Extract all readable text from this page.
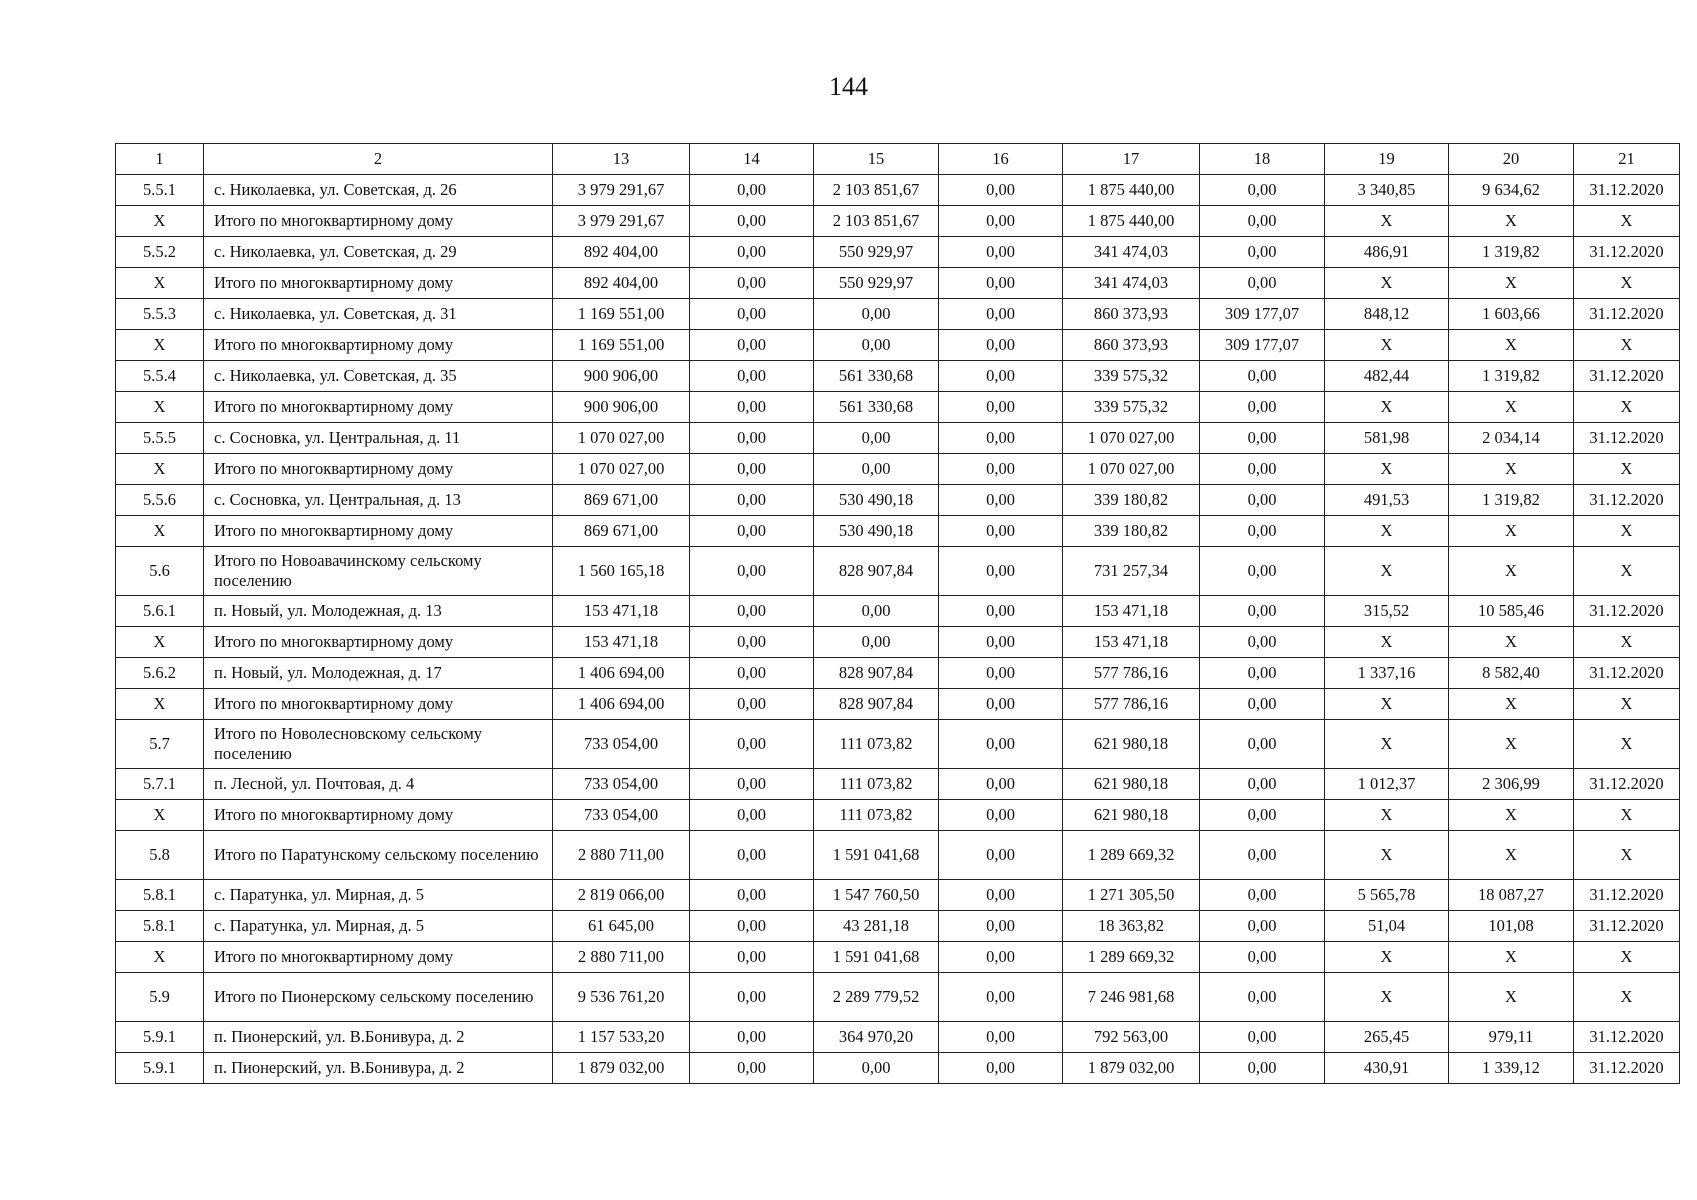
144
1	2	13	14	15	16	17	18	19	20	21
5.5.1	с. Николаевка, ул. Советская, д. 26	3 979 291,67	0,00	2 103 851,67	0,00	1 875 440,00	0,00	3 340,85	9 634,62	31.12.2020
Х	Итого по многоквартирному дому	3 979 291,67	0,00	2 103 851,67	0,00	1 875 440,00	0,00	Х	Х	Х
5.5.2	с. Николаевка, ул. Советская, д. 29	892 404,00	0,00	550 929,97	0,00	341 474,03	0,00	486,91	1 319,82	31.12.2020
Х	Итого по многоквартирному дому	892 404,00	0,00	550 929,97	0,00	341 474,03	0,00	Х	Х	Х
5.5.3	с. Николаевка, ул. Советская, д. 31	1 169 551,00	0,00	0,00	0,00	860 373,93	309 177,07	848,12	1 603,66	31.12.2020
Х	Итого по многоквартирному дому	1 169 551,00	0,00	0,00	0,00	860 373,93	309 177,07	Х	Х	Х
5.5.4	с. Николаевка, ул. Советская, д. 35	900 906,00	0,00	561 330,68	0,00	339 575,32	0,00	482,44	1 319,82	31.12.2020
Х	Итого по многоквартирному дому	900 906,00	0,00	561 330,68	0,00	339 575,32	0,00	Х	Х	Х
5.5.5	с. Сосновка, ул. Центральная, д. 11	1 070 027,00	0,00	0,00	0,00	1 070 027,00	0,00	581,98	2 034,14	31.12.2020
Х	Итого по многоквартирному дому	1 070 027,00	0,00	0,00	0,00	1 070 027,00	0,00	Х	Х	Х
5.5.6	с. Сосновка, ул. Центральная, д. 13	869 671,00	0,00	530 490,18	0,00	339 180,82	0,00	491,53	1 319,82	31.12.2020
Х	Итого по многоквартирному дому	869 671,00	0,00	530 490,18	0,00	339 180,82	0,00	Х	Х	Х
5.6	Итого по Новоавачинскому сельскому поселению	1 560 165,18	0,00	828 907,84	0,00	731 257,34	0,00	Х	Х	Х
5.6.1	п. Новый, ул. Молодежная, д. 13	153 471,18	0,00	0,00	0,00	153 471,18	0,00	315,52	10 585,46	31.12.2020
Х	Итого по многоквартирному дому	153 471,18	0,00	0,00	0,00	153 471,18	0,00	Х	Х	Х
5.6.2	п. Новый, ул. Молодежная, д. 17	1 406 694,00	0,00	828 907,84	0,00	577 786,16	0,00	1 337,16	8 582,40	31.12.2020
Х	Итого по многоквартирному дому	1 406 694,00	0,00	828 907,84	0,00	577 786,16	0,00	Х	Х	Х
5.7	Итого по Новолесновскому сельскому поселению	733 054,00	0,00	111 073,82	0,00	621 980,18	0,00	Х	Х	Х
5.7.1	п. Лесной, ул. Почтовая, д. 4	733 054,00	0,00	111 073,82	0,00	621 980,18	0,00	1 012,37	2 306,99	31.12.2020
Х	Итого по многоквартирному дому	733 054,00	0,00	111 073,82	0,00	621 980,18	0,00	Х	Х	Х
5.8	Итого по Паратунскому сельскому поселению	2 880 711,00	0,00	1 591 041,68	0,00	1 289 669,32	0,00	Х	Х	Х
5.8.1	с. Паратунка, ул. Мирная, д. 5	2 819 066,00	0,00	1 547 760,50	0,00	1 271 305,50	0,00	5 565,78	18 087,27	31.12.2020
5.8.1	с. Паратунка, ул. Мирная, д. 5	61 645,00	0,00	43 281,18	0,00	18 363,82	0,00	51,04	101,08	31.12.2020
Х	Итого по многоквартирному дому	2 880 711,00	0,00	1 591 041,68	0,00	1 289 669,32	0,00	Х	Х	Х
5.9	Итого по Пионерскому сельскому поселению	9 536 761,20	0,00	2 289 779,52	0,00	7 246 981,68	0,00	Х	Х	Х
5.9.1	п. Пионерский, ул. В.Бонивура, д. 2	1 157 533,20	0,00	364 970,20	0,00	792 563,00	0,00	265,45	979,11	31.12.2020
5.9.1	п. Пионерский, ул. В.Бонивура, д. 2	1 879 032,00	0,00	0,00	0,00	1 879 032,00	0,00	430,91	1 339,12	31.12.2020
